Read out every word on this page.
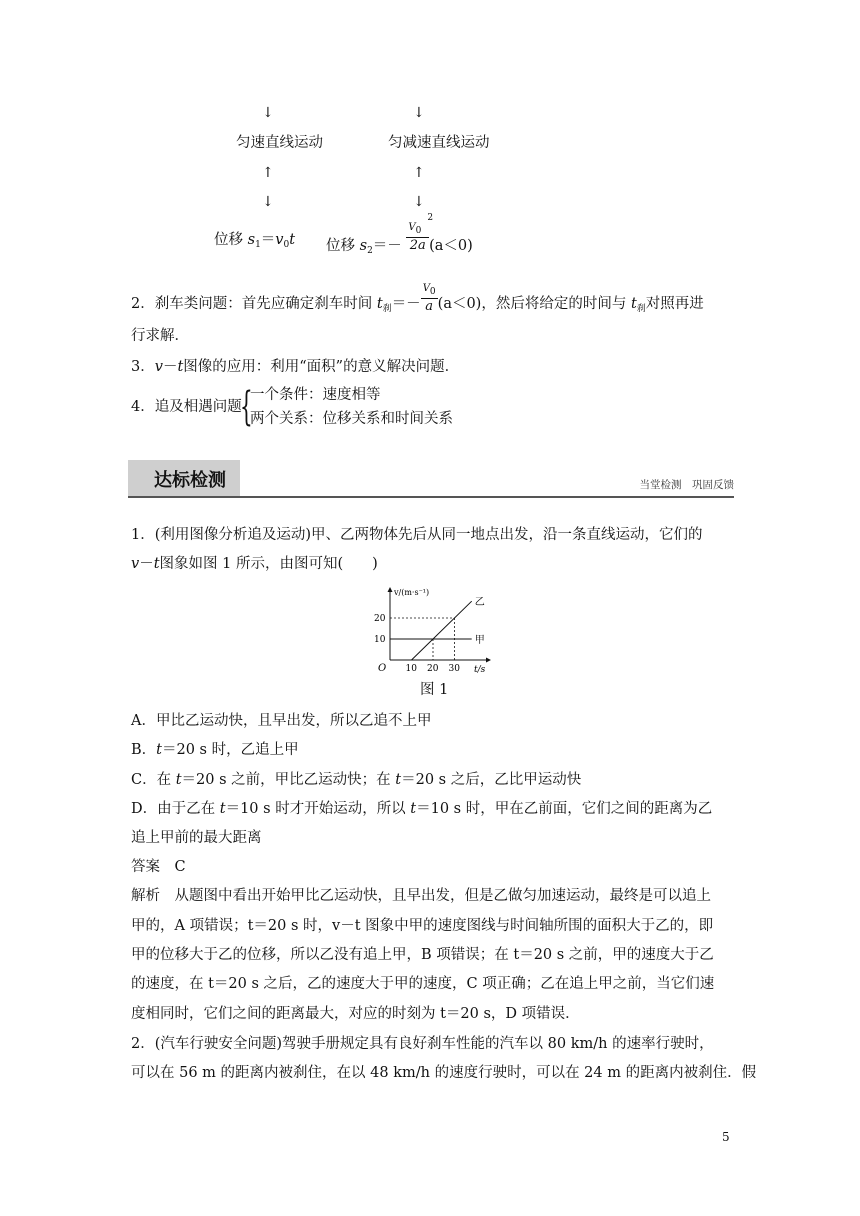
↓	↓
匀速直线运动	匀减速直线运动
↑	↑
↓	↓
位移 $s_1=v_0t$ 位移 $s_2=- \frac{V02}{2a} (a<0)$
2．刹车类问题：首先应确定刹车时间 $t_刹=- \frac{V0}{a} (a<0)$，然后将给定的时间与 $t_刹$对照再进
行求解．
3．v－t图像的应用：利用“面积”的意义解决问题．
4．追及相遇问题
{
一个条件：速度相等
两个关系：位移关系和时间关系
达标检测	当堂检测　巩固反馈
1．(利用图像分析追及运动)甲、乙两物体先后从同一地点出发，沿一条直线运动，它们的
v－t图象如图 1 所示，由图可知(　　)
v/(m·s⁻¹)
t/s
O 10 20 30
10
20
甲
乙
图 1
A．甲比乙运动快，且早出发，所以乙追不上甲
B．t＝20 s 时，乙追上甲
C．在 t＝20 s 之前，甲比乙运动快；在 t＝20 s 之后，乙比甲运动快
D．由于乙在 t＝10 s 时才开始运动，所以 t＝10 s 时，甲在乙前面，它们之间的距离为乙
追上甲前的最大距离
答案　C
解析　从题图中看出开始甲比乙运动快，且早出发，但是乙做匀加速运动，最终是可以追上
甲的，A 项错误；t＝20 s 时，v－t 图象中甲的速度图线与时间轴所围的面积大于乙的，即
甲的位移大于乙的位移，所以乙没有追上甲，B 项错误；在 t＝20 s 之前，甲的速度大于乙
的速度，在 t＝20 s 之后，乙的速度大于甲的速度，C 项正确；乙在追上甲之前，当它们速
度相同时，它们之间的距离最大，对应的时刻为 t＝20 s，D 项错误．
2．(汽车行驶安全问题)驾驶手册规定具有良好刹车性能的汽车以 80 km/h 的速率行驶时，
可以在 56 m 的距离内被刹住，在以 48 km/h 的速度行驶时，可以在 24 m 的距离内被刹住．假
5
